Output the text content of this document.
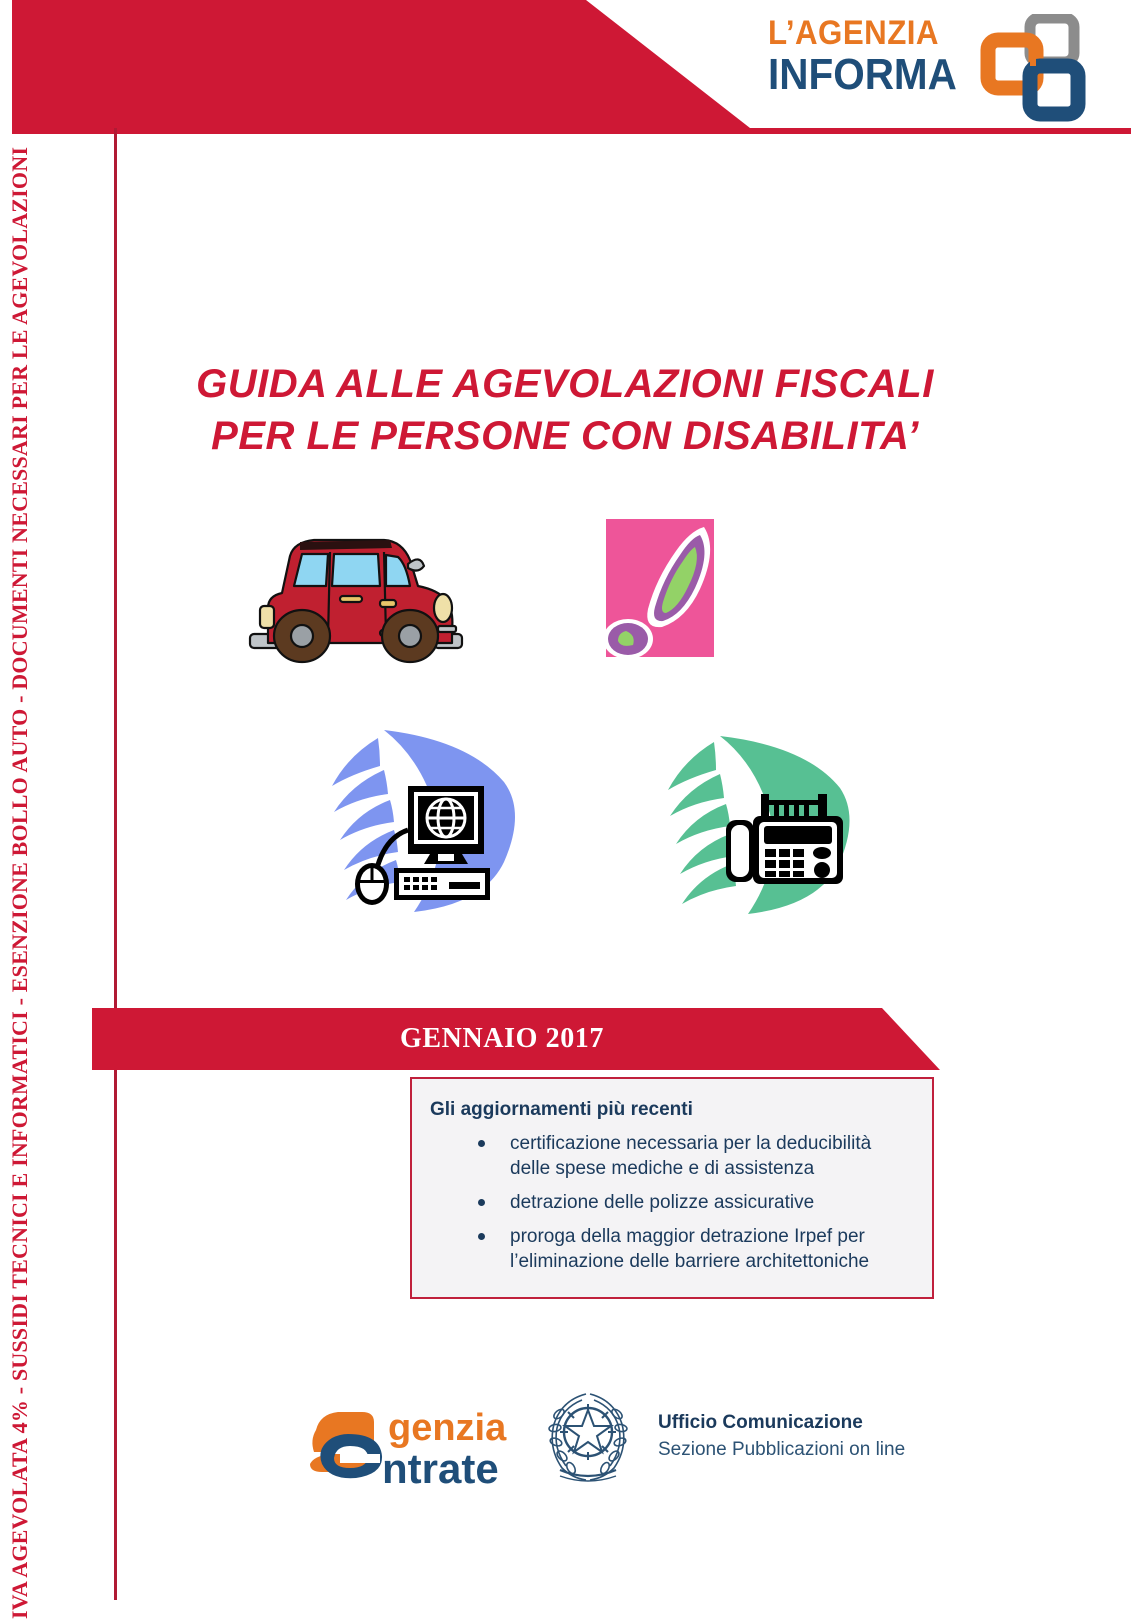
L’AGENZIA
INFORMA
IVA AGEVOLATA 4% - SUSSIDI TECNICI E INFORMATICI - ESENZIONE BOLLO AUTO - DOCUMENTI NECESSARI PER LE AGEVOLAZIONI	GUIDA ALLE AGEVOLAZIONI FISCALI
PER LE PERSONE CON DISABILITA’
GENNAIO 2017

Gli aggiornamenti più recenti

certificazione necessaria per la deducibilità delle spese mediche e di assistenza
detrazione delle polizze assicurative
proroga della maggior detrazione Irpef per l’eliminazione delle barriere architettoniche
genzia
ntrate
Ufficio Comunicazione
Sezione Pubblicazioni on line
